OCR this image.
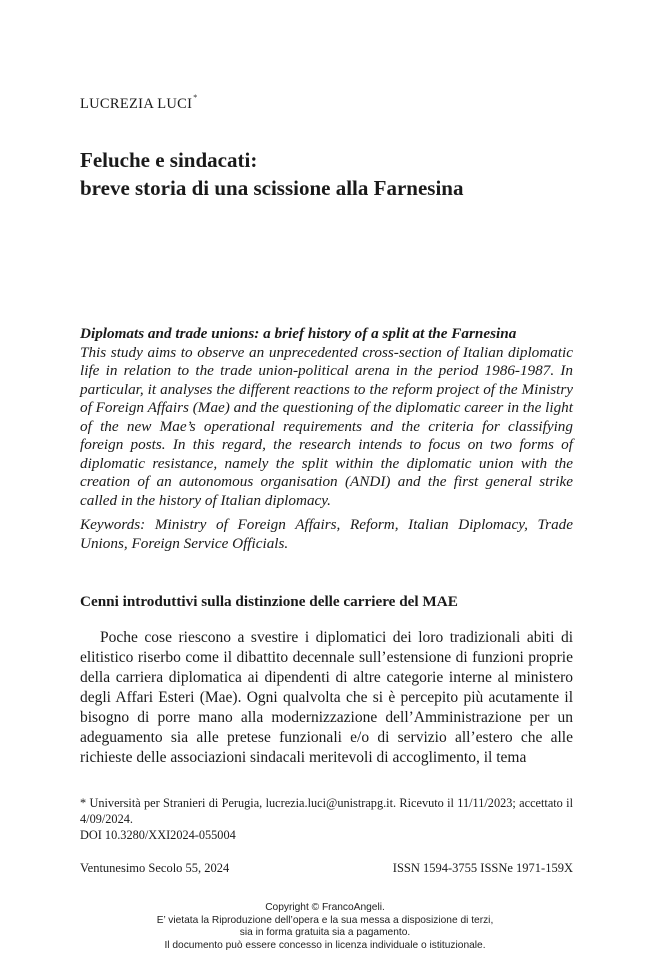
LUCREZIA LUCI*
Feluche e sindacati:
breve storia di una scissione alla Farnesina

Diplomats and trade unions: a brief history of a split at the Farnesina
This study aims to observe an unprecedented cross-section of Italian diplomatic life in relation to the trade union-political arena in the period 1986-1987. In particular, it analyses the different reactions to the reform project of the Ministry of Foreign Affairs (Mae) and the questioning of the diplomatic career in the light of the new Mae’s operational requirements and the criteria for classifying foreign posts. In this regard, the research intends to focus on two forms of diplomatic resistance, namely the split within the diplomatic union with the creation of an autonomous organisation (ANDI) and the first general strike called in the history of Italian diplomacy.

Keywords: Ministry of Foreign Affairs, Reform, Italian Diplomacy, Trade Unions, Foreign Service Officials.

Cenni introduttivi sulla distinzione delle carriere del MAE

Poche cose riescono a svestire i diplomatici dei loro tradizionali abiti di elitistico riserbo come il dibattito decennale sull’estensione di funzioni proprie della carriera diplomatica ai dipendenti di altre categorie interne al ministero degli Affari Esteri (Mae). Ogni qualvolta che si è percepito più acutamente il bisogno di porre mano alla modernizzazione dell’Amministrazione per un adeguamento sia alle pretese funzionali e/o di servizio all’estero che alle richieste delle associazioni sindacali meritevoli di accoglimento, il tema

* Università per Stranieri di Perugia, lucrezia.luci@unistrapg.it. Ricevuto il 11/11/2023; accettato il 4/09/2024.

DOI 10.3280/XXI2024-055004
Ventunesimo Secolo 55, 2024	ISSN 1594-3755 ISSNe 1971-159X
Copyright © FrancoAngeli.
E’ vietata la Riproduzione dell’opera e la sua messa a disposizione di terzi,
sia in forma gratuita sia a pagamento.
Il documento può essere concesso in licenza individuale o istituzionale.
